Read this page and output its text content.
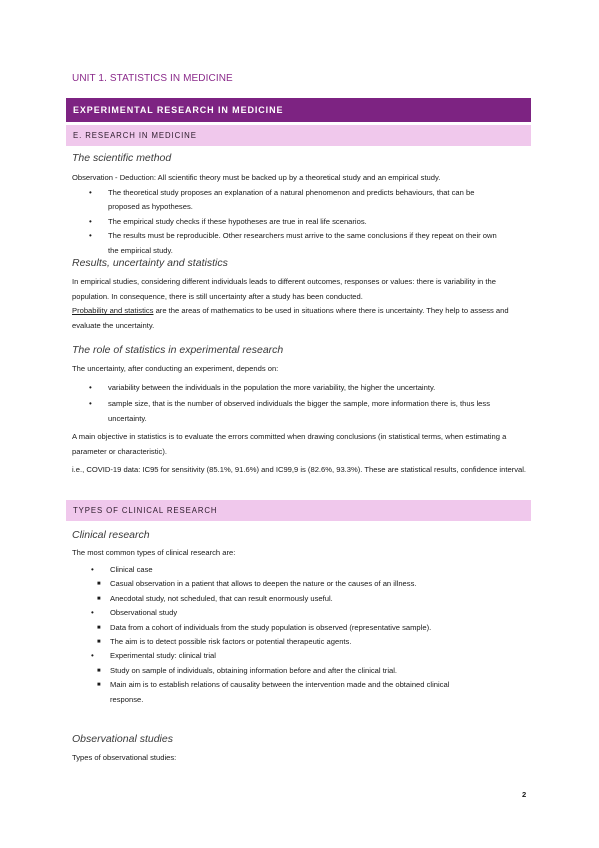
UNIT 1. STATISTICS IN MEDICINE
EXPERIMENTAL RESEARCH IN MEDICINE
E. RESEARCH IN MEDICINE
The scientific method
Observation - Deduction: All scientific theory must be backed up by a theoretical study and an empirical study.
• The theoretical study proposes an explanation of a natural phenomenon and predicts behaviours, that can be proposed as hypotheses.
• The empirical study checks if these hypotheses are true in real life scenarios.
• The results must be reproducible. Other researchers must arrive to the same conclusions if they repeat on their own the empirical study.
Results, uncertainty and statistics
In empirical studies, considering different individuals leads to different outcomes, responses or values: there is variability in the population. In consequence, there is still uncertainty after a study has been conducted.
Probability and statistics are the areas of mathematics to be used in situations where there is uncertainty. They help to assess and evaluate the uncertainty.
The role of statistics in experimental research
The uncertainty, after conducting an experiment, depends on:
• variability between the individuals in the population the more variability, the higher the uncertainty.
• sample size, that is the number of observed individuals the bigger the sample, more information there is, thus less uncertainty.
A main objective in statistics is to evaluate the errors committed when drawing conclusions (in statistical terms, when estimating a parameter or characteristic).
i.e., COVID-19 data: IC95 for sensitivity (85.1%, 91.6%) and IC99,9 is (82.6%, 93.3%). These are statistical results, confidence interval.
TYPES OF CLINICAL RESEARCH
Clinical research
The most common types of clinical research are:
• Clinical case
■ Casual observation in a patient that allows to deepen the nature or the causes of an illness.
■ Anecdotal study, not scheduled, that can result enormously useful.
• Observational study
■ Data from a cohort of individuals from the study population is observed (representative sample).
■ The aim is to detect possible risk factors or potential therapeutic agents.
• Experimental study: clinical trial
■ Study on sample of individuals, obtaining information before and after the clinical trial.
■ Main aim is to establish relations of causality between the intervention made and the obtained clinical response.
Observational studies
Types of observational studies:
2
